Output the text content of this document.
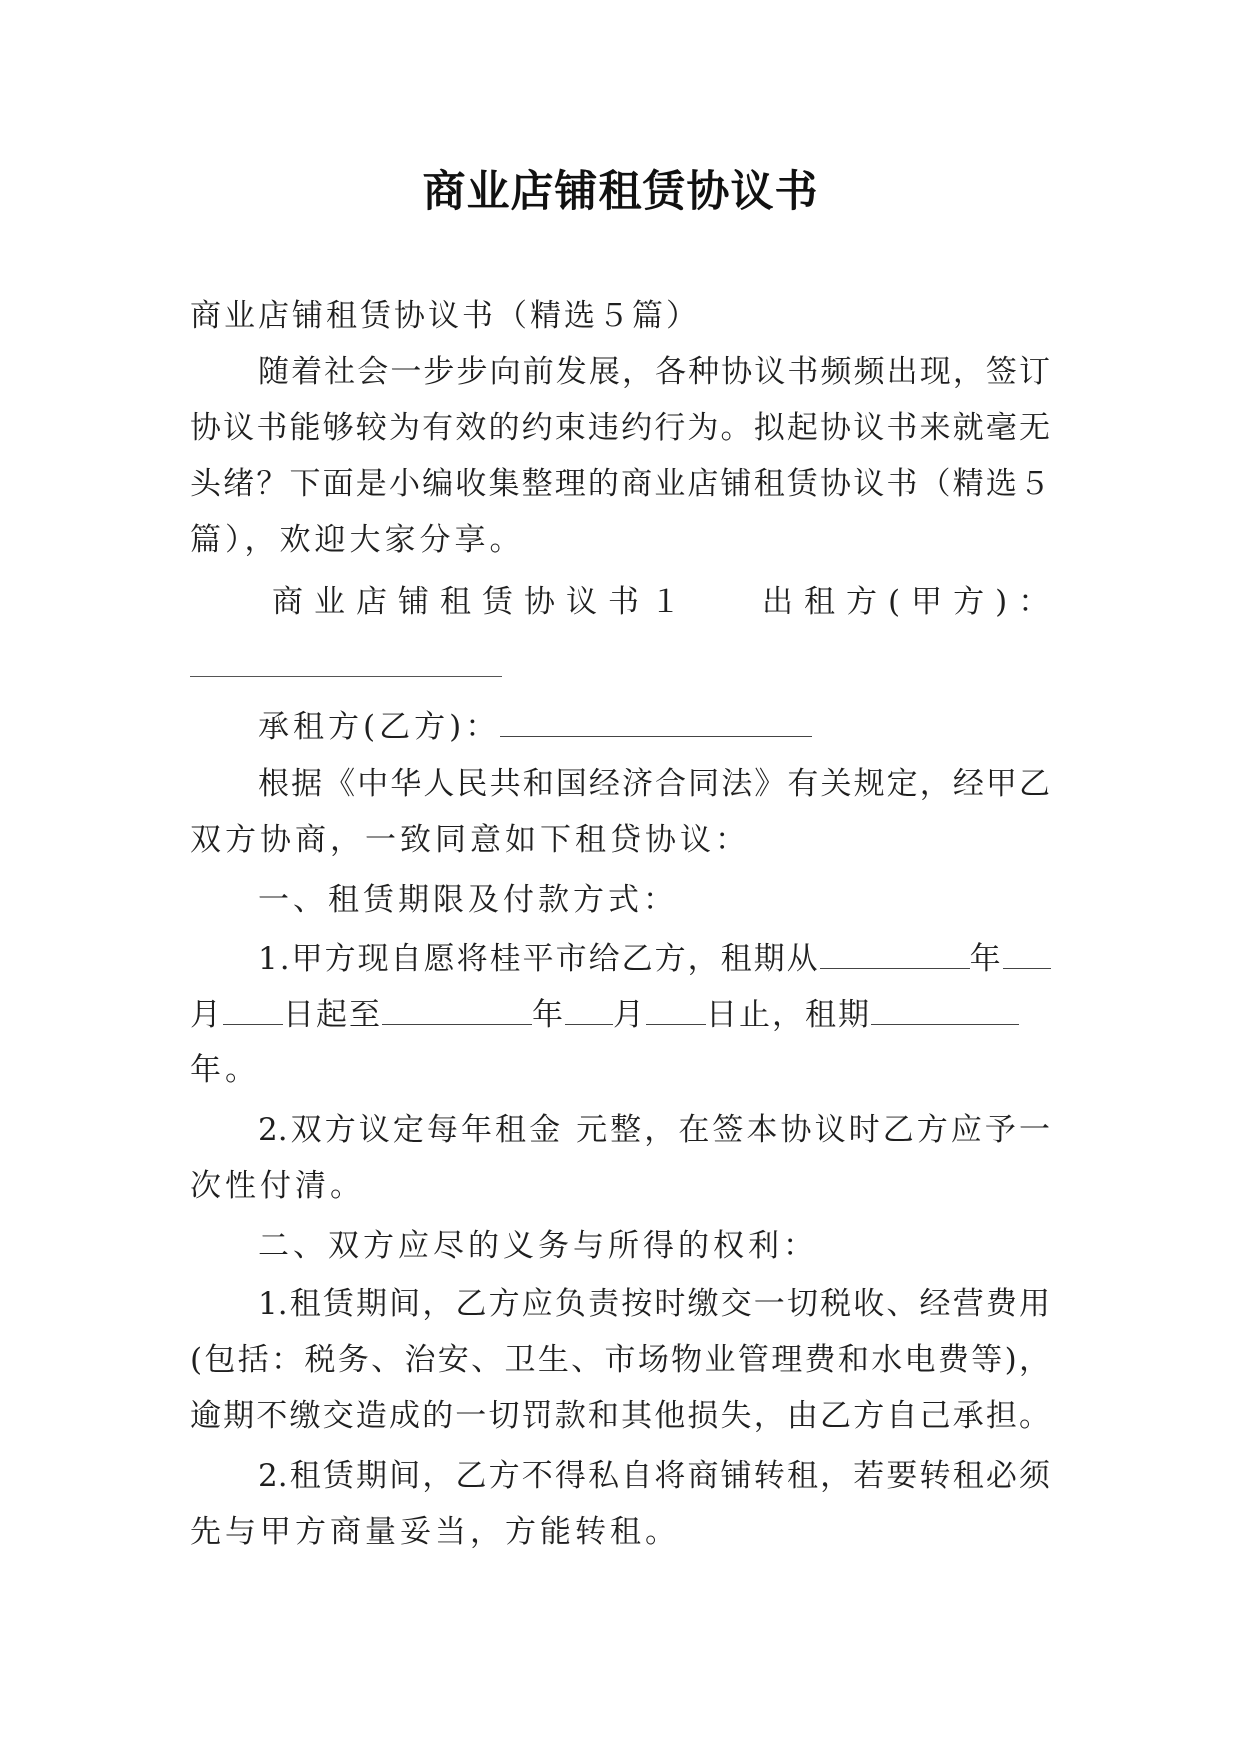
商业店铺租赁协议书
商业店铺租赁协议书（精选５篇）
随着社会一步步向前发展，各种协议书频频出现，签订
协议书能够较为有效的约束违约行为。拟起协议书来就毫无
头绪？下面是小编收集整理的商业店铺租赁协议书（精选５
篇），欢迎大家分享。
商业店铺租赁协议书１ 出租方(甲方)：
承租方(乙方)：
根据《中华人民共和国经济合同法》有关规定，经甲乙
双方协商，一致同意如下租贷协议：
一、租赁期限及付款方式：
1.甲方现自愿将桂平市给乙方，租期从	年
月 日起至	年 月 日止，租期
年。
2.双方议定每年租金 元整，在签本协议时乙方应予一
次性付清。
二、双方应尽的义务与所得的权利：
1.租赁期间，乙方应负责按时缴交一切税收、经营费用
(包括：税务、治安、卫生、市场物业管理费和水电费等)，
逾期不缴交造成的一切罚款和其他损失，由乙方自己承担。
2.租赁期间，乙方不得私自将商铺转租，若要转租必须
先与甲方商量妥当，方能转租。
